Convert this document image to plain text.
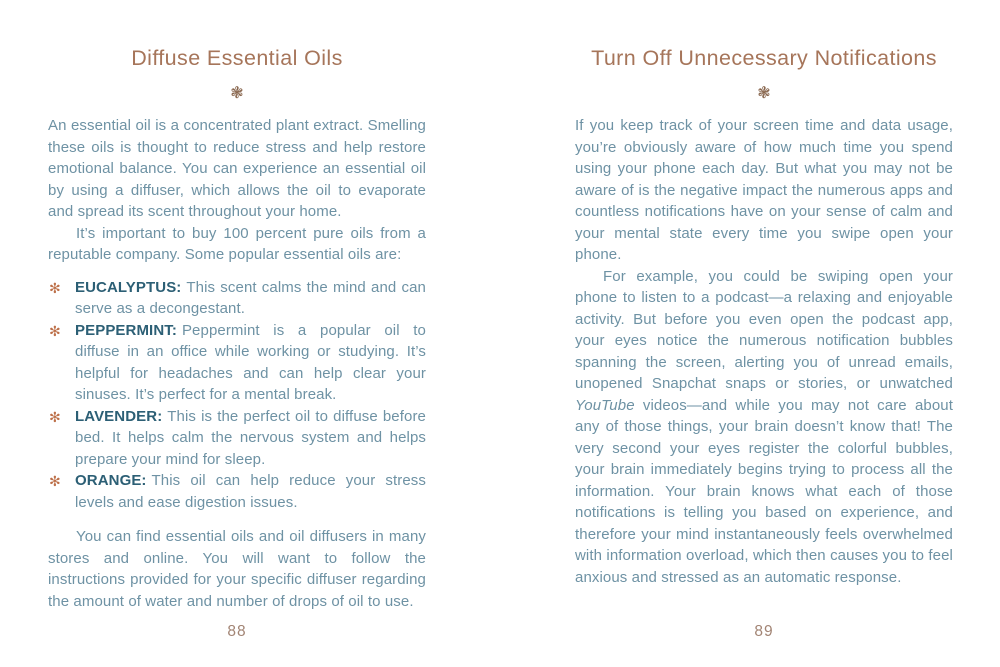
Diffuse Essential Oils
❃

An essential oil is a concentrated plant extract. Smelling these oils is thought to reduce stress and help restore emotional balance. You can experience an essential oil by using a diffuser, which allows the oil to evaporate and spread its scent throughout your home.

It’s important to buy 100 percent pure oils from a reputable company. Some popular essential oils are:

✻ EUCALYPTUS: This scent calms the mind and can serve as a decongestant.
✻ PEPPERMINT: Peppermint is a popular oil to diffuse in an office while working or studying. It’s helpful for headaches and can help clear your sinuses. It’s perfect for a mental break.
✻ LAVENDER: This is the perfect oil to diffuse before bed. It helps calm the nervous system and helps prepare your mind for sleep.
✻ ORANGE: This oil can help reduce your stress levels and ease digestion issues.

You can find essential oils and oil diffusers in many stores and online. You will want to follow the instructions provided for your specific diffuser regarding the amount of water and number of drops of oil to use.

88
Turn Off Unnecessary Notifications
❃

If you keep track of your screen time and data usage, you’re obviously aware of how much time you spend using your phone each day. But what you may not be aware of is the negative impact the numerous apps and countless notifications have on your sense of calm and your mental state every time you swipe open your phone.

For example, you could be swiping open your phone to listen to a podcast—a relaxing and enjoyable activity. But before you even open the podcast app, your eyes notice the numerous notification bubbles spanning the screen, alerting you of unread emails, unopened Snapchat snaps or stories, or unwatched YouTube videos—and while you may not care about any of those things, your brain doesn’t know that! The very second your eyes register the colorful bubbles, your brain immediately begins trying to process all the information. Your brain knows what each of those notifications is telling you based on experience, and therefore your mind instantaneously feels overwhelmed with information overload, which then causes you to feel anxious and stressed as an automatic response.

89
